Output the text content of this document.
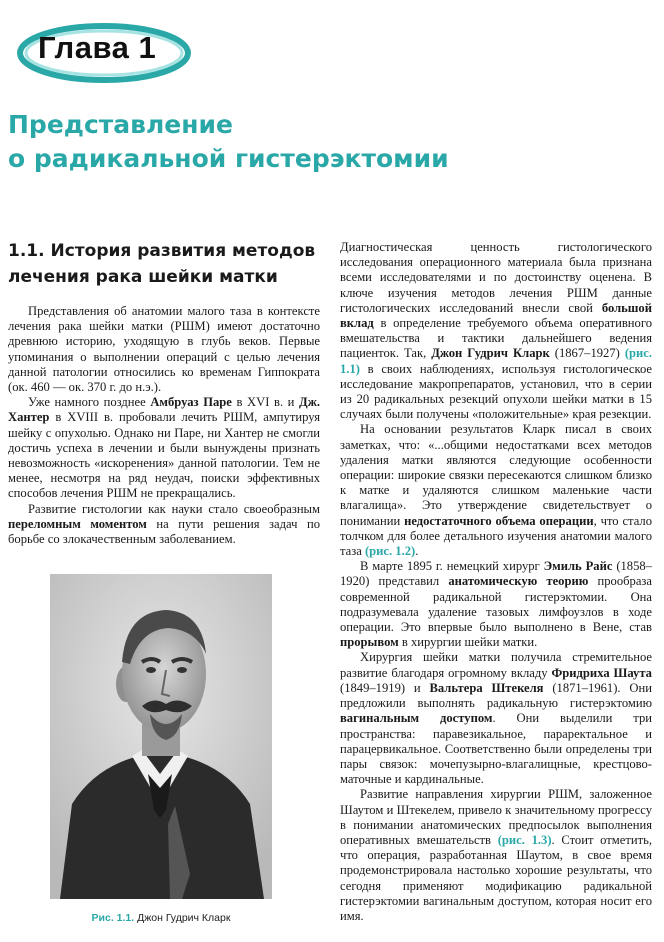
Глава 1
Представление
о радикальной гистерэктомии
1.1. История развития методов лечения рака шейки матки

Представления об анатомии малого таза в контексте лечения рака шейки матки (РШМ) имеют достаточно древнюю историю, уходящую в глубь веков. Первые упоминания о выполнении операций с целью лечения данной патологии относились ко временам Гиппократа (ок. 460 — ок. 370 г. до н.э.).

Уже намного позднее Амбруаз Паре в XVI в. и Дж. Хантер в XVIII в. пробовали лечить РШМ, ампутируя шейку с опухолью. Однако ни Паре, ни Хантер не смогли достичь успеха в лечении и были вынуждены признать невозможность «искоренения» данной патологии. Тем не менее, несмотря на ряд неудач, поиски эффективных способов лечения РШМ не прекращались.

Развитие гистологии как науки стало своеобразным переломным моментом на пути решения задач по борьбе со злокачественным заболеванием.

Рис. 1.1. Джон Гудрич Кларк

Диагностическая ценность гистологического исследования операционного материала была признана всеми исследователями и по достоинству оценена. В ключе изучения методов лечения РШМ данные гистологических исследований внесли свой большой вклад в определение требуемого объема оперативного вмешательства и тактики дальнейшего ведения пациенток. Так, Джон Гудрич Кларк (1867–1927) (рис. 1.1) в своих наблюдениях, используя гистологическое исследование макропрепаратов, установил, что в серии из 20 радикальных резекций опухоли шейки матки в 15 случаях были получены «положительные» края резекции.

На основании результатов Кларк писал в своих заметках, что: «...общими недостатками всех методов удаления матки являются следующие особенности операции: широкие связки пересекаются слишком близко к матке и удаляются слишком маленькие части влагалища». Это утверждение свидетельствует о понимании недостаточного объема операции, что стало толчком для более детального изучения анатомии малого таза (рис. 1.2).

В марте 1895 г. немецкий хирург Эмиль Райс (1858–1920) представил анатомическую теорию прообраза современной радикальной гистерэктомии. Она подразумевала удаление тазовых лимфоузлов в ходе операции. Это впервые было выполнено в Вене, став прорывом в хирургии шейки матки.

Хирургия шейки матки получила стремительное развитие благодаря огромному вкладу Фридриха Шаута (1849–1919) и Вальтера Штекеля (1871–1961). Они предложили выполнять радикальную гистерэктомию вагинальным доступом. Они выделили три пространства: паравезикальное, параректальное и парацервикальное. Соответственно были определены три пары связок: мочепузырно-влагалищные, крестцово-маточные и кардинальные.

Развитие направления хирургии РШМ, заложенное Шаутом и Штекелем, привело к значительному прогрессу в понимании анатомических предпосылок выполнения оперативных вмешательств (рис. 1.3). Стоит отметить, что операция, разработанная Шаутом, в свое время продемонстрировала настолько хорошие результаты, что сегодня применяют модификацию радикальной гистерэктомии вагинальным доступом, которая носит его имя.
